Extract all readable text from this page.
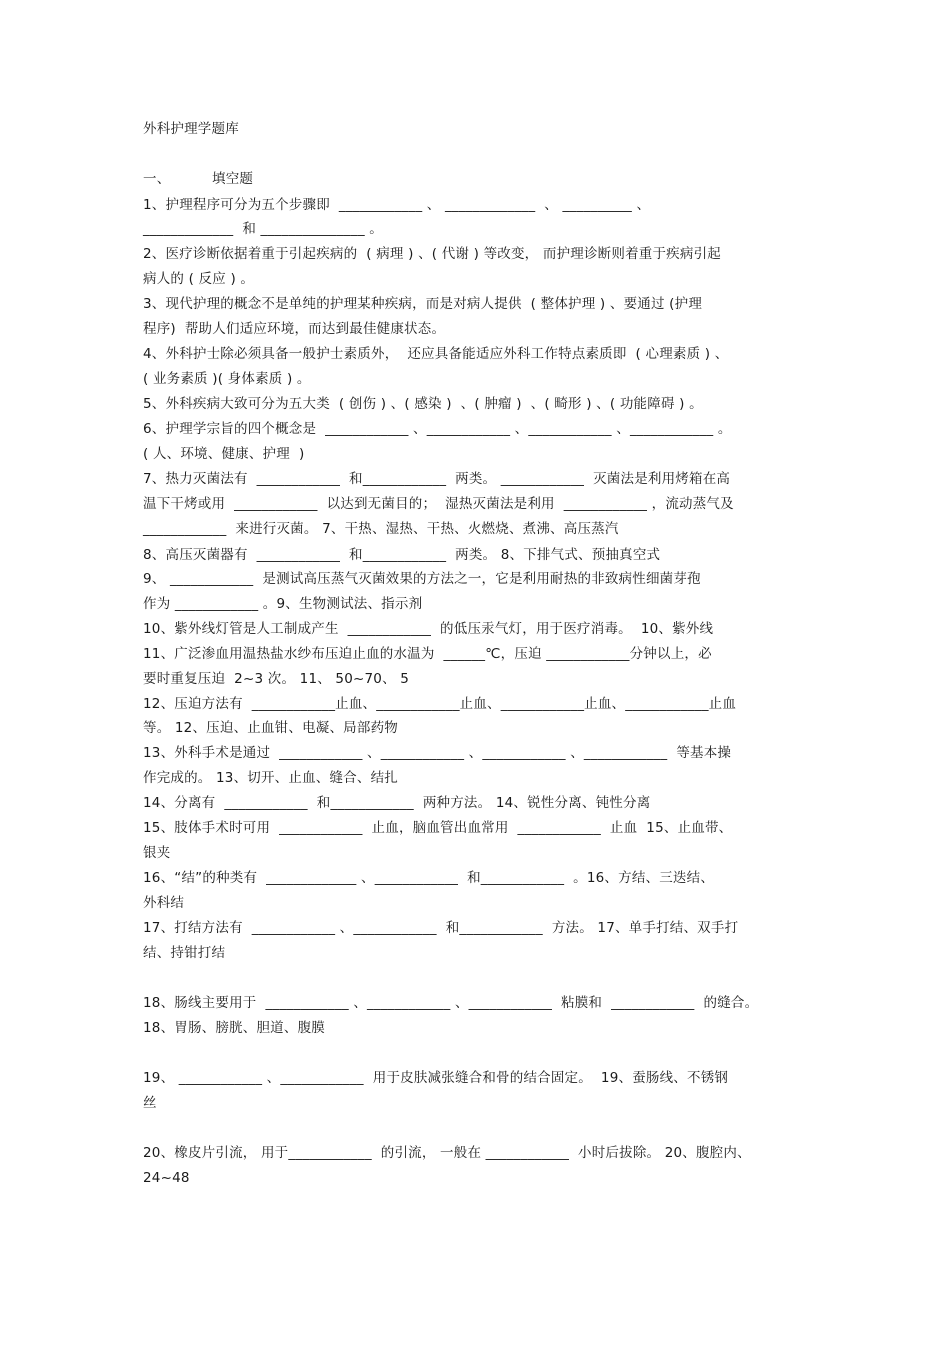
外科护理学题库
一、	填空题
1、护理程序可分为五个步骤即  ____________ 、 _____________  、 __________ 、
_____________  和 _______________ 。
2、医疗诊断依据着重于引起疾病的  ( 病理 ) 、( 代谢 ) 等改变， 而护理诊断则着重于疾病引起
病人的 ( 反应 ) 。
3、现代护理的概念不是单纯的护理某种疾病，而是对病人提供  ( 整体护理 ) 、要通过 (护理
程序)  帮助人们适应环境，而达到最佳健康状态。
4、外科护士除必须具备一般护士素质外，  还应具备能适应外科工作特点素质即  ( 心理素质 ) 、
( 业务素质 )( 身体素质 ) 。
5、外科疾病大致可分为五大类  ( 创伤 ) 、( 感染 )  、( 肿瘤 )  、( 畸形 ) 、( 功能障碍 ) 。
6、护理学宗旨的四个概念是  ____________ 、____________ 、____________ 、____________ 。
( 人、环境、健康、护理  )
7、热力灭菌法有  ____________  和____________  两类。 ____________  灭菌法是利用烤箱在高
温下干烤或用  ____________  以达到无菌目的；  湿热灭菌法是利用  ____________ ，流动蒸气及
____________  来进行灭菌。 7、干热、湿热、干热、火燃烧、煮沸、高压蒸汽
8、高压灭菌器有  ____________  和____________  两类。 8、下排气式、预抽真空式
9、 ____________  是测试高压蒸气灭菌效果的方法之一，它是利用耐热的非致病性细菌芽孢
作为 ____________ 。9、生物测试法、指示剂
10、紫外线灯管是人工制成产生  ____________  的低压汞气灯，用于医疗消毒。  10、紫外线
11、广泛渗血用温热盐水纱布压迫止血的水温为  ______℃，压迫 ____________分钟以上，必
要时重复压迫  2~3 次。 11、 50~70、 5
12、压迫方法有  ____________止血、____________止血、____________止血、____________止血
等。 12、压迫、止血钳、电凝、局部药物
13、外科手术是通过  ____________ 、____________ 、____________ 、____________  等基本操
作完成的。 13、切开、止血、缝合、结扎
14、分离有  ____________  和____________  两种方法。 14、锐性分离、钝性分离
15、肢体手术时可用  ____________  止血，脑血管出血常用  ____________  止血  15、止血带、
银夹
16、“结”的种类有  _____________ 、____________  和____________  。16、方结、三迭结、
外科结
17、打结方法有  ____________ 、____________  和____________  方法。 17、单手打结、双手打
结、持钳打结
18、肠线主要用于  ____________ 、____________ 、____________  粘膜和  ____________  的缝合。
18、胃肠、膀胱、胆道、腹膜
19、 ____________ 、____________  用于皮肤减张缝合和骨的结合固定。  19、蚕肠线、不锈钢
丝
20、橡皮片引流， 用于____________  的引流， 一般在 ____________  小时后拔除。 20、腹腔内、
24~48
